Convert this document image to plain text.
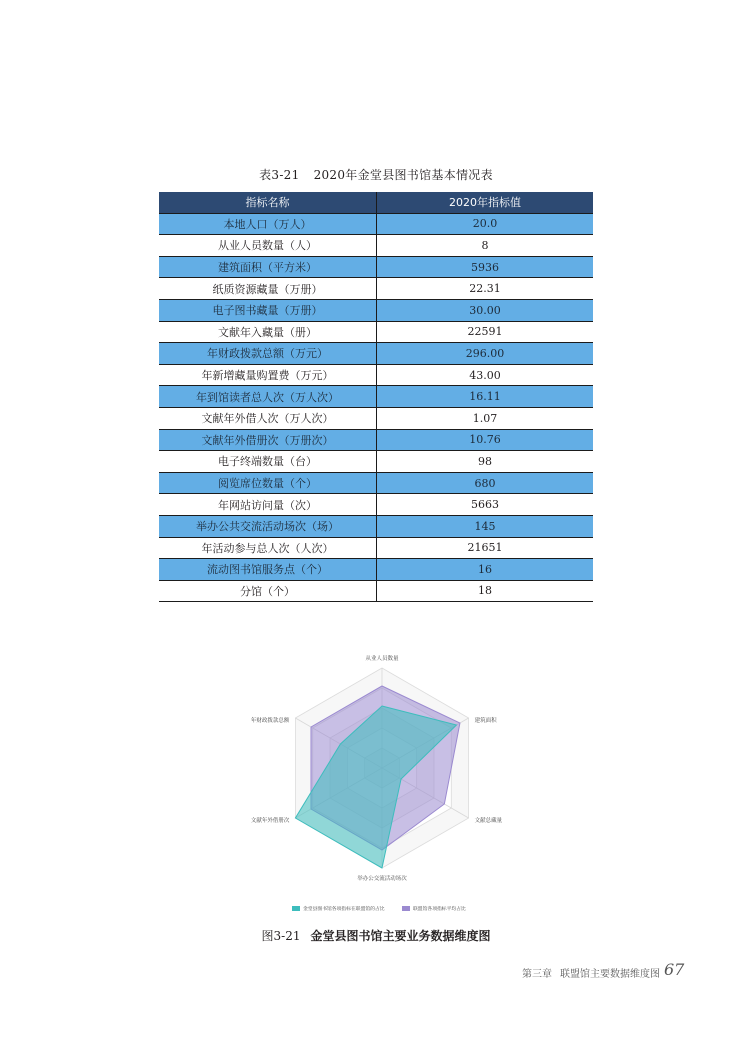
表3-21 2020年金堂县图书馆基本情况表
指标名称	2020年指标值
本地人口（万人）	20.0
从业人员数量（人）	8
建筑面积（平方米）	5936
纸质资源藏量（万册）	22.31
电子图书藏量（万册）	30.00
文献年入藏量（册）	22591
年财政拨款总额（万元）	296.00
年新增藏量购置费（万元）	43.00
年到馆读者总人次（万人次）	16.11
文献年外借人次（万人次）	1.07
文献年外借册次（万册次）	10.76
电子终端数量（台）	98
阅览席位数量（个）	680
年网站访问量（次）	5663
举办公共交流活动场次（场）	145
年活动参与总人次（人次）	21651
流动图书馆服务点（个）	16
分馆（个）	18
从业人员数量
建筑面积
文献总藏量
举办公交流活动场次
文献年外借册次
年财政拨款总额
金堂县图书馆各项指标在联盟馆的占比	联盟馆各项指标平均占比
图3-21 金堂县图书馆主要业务数据维度图
第三章 联盟馆主要数据维度图 67
